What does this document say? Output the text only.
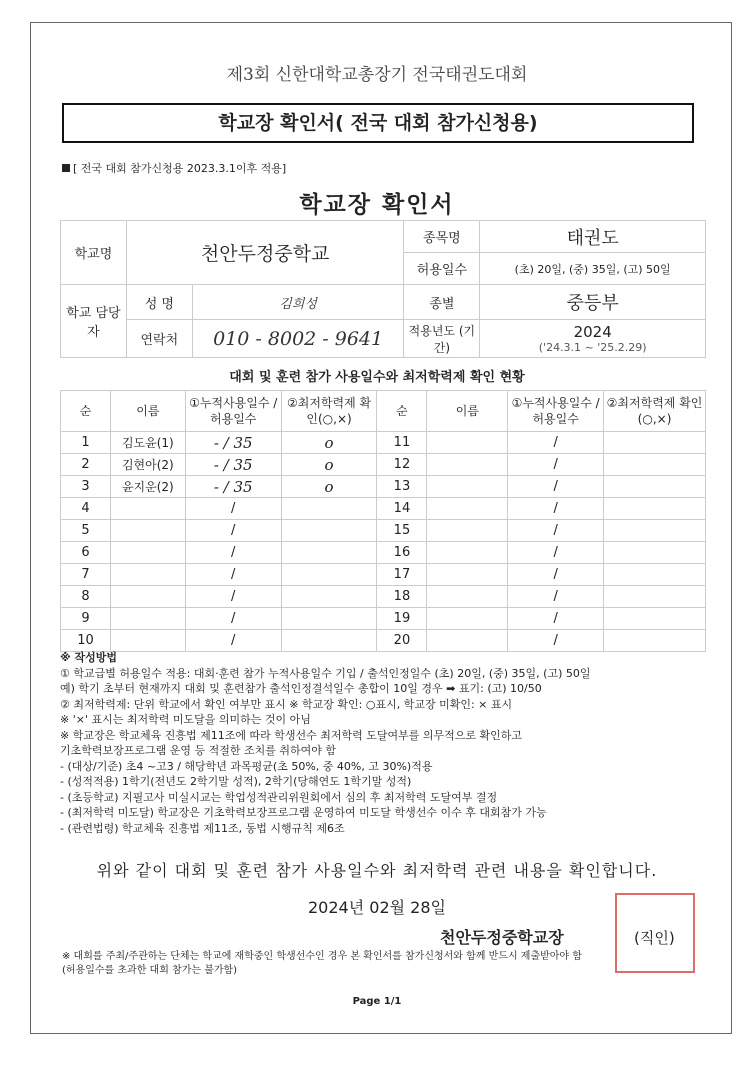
제3회 신한대학교총장기 전국태권도대회
학교장 확인서( 전국 대회 참가신청용)
[ 전국 대회 참가신청용 2023.3.1이후 적용]
학교장 확인서
학교명	천안두정중학교		종목명	태권도
			허용일수	(초) 20일, (중) 35일, (고) 50일
학교 담당자	성 명	김희성	종별	중등부
	연락처	010 - 8002 - 9641	적용년도 (기간)	2024
('24.3.1 ~ '25.2.29)
대회 및 훈련 참가 사용일수와 최저학력제 확인 현황
순	이름	①누적사용일수 /허용일수	②최저학력제 확인(○,×)	순	이름	①누적사용일수 /허용일수	②최저학력제 확인(○,×)
1	김도윤(1)	- / 35	o	11		/	
2	김현아(2)	- / 35	o	12		/	
3	윤지운(2)	- / 35	o	13		/	
4		/		14		/	
5		/		15		/	
6		/		16		/	
7		/		17		/	
8		/		18		/	
9		/		19		/	
10		/		20		/	
※ 작성방법
① 학교급별 허용일수 적용: 대회·훈련 참가 누적사용일수 기입 / 출석인정일수 (초) 20일, (중) 35일, (고) 50일
예) 학기 초부터 현재까지 대회 및 훈련참가 출석인정결석일수 총합이 10일 경우 ➡ 표기: (고) 10/50
② 최저학력제: 단위 학교에서 확인 여부만 표시 ※ 학교장 확인: ○표시, 학교장 미확인: × 표시
※ '×' 표시는 최저학력 미도달을 의미하는 것이 아님
※ 학교장은 학교체육 진흥법 제11조에 따라 학생선수 최저학력 도달여부를 의무적으로 확인하고
기초학력보장프로그램 운영 등 적절한 조치를 취하여야 함
- (대상/기준) 초4 ~고3 / 해당학년 과목평균(초 50%, 중 40%, 고 30%)적용
- (성적적용) 1학기(전년도 2학기말 성적), 2학기(당해연도 1학기말 성적)
- (초등학교) 지필고사 미실시교는 학업성적관리위원회에서 심의 후 최저학력 도달여부 결정
- (최저학력 미도달) 학교장은 기초학력보장프로그램 운영하여 미도달 학생선수 이수 후 대회참가 가능
- (관련법령) 학교체육 진흥법 제11조, 동법 시행규칙 제6조
위와 같이 대회 및 훈련 참가 사용일수와 최저학력 관련 내용을 확인합니다.
2024년 02월 28일
천안두정중학교장	(직인)
※ 대회를 주최/주관하는 단체는 학교에 재학중인 학생선수인 경우 본 확인서를 참가신청서와 함께 반드시 제출받아야 함
(허용일수를 초과한 대회 참가는 불가함)
Page 1/1
